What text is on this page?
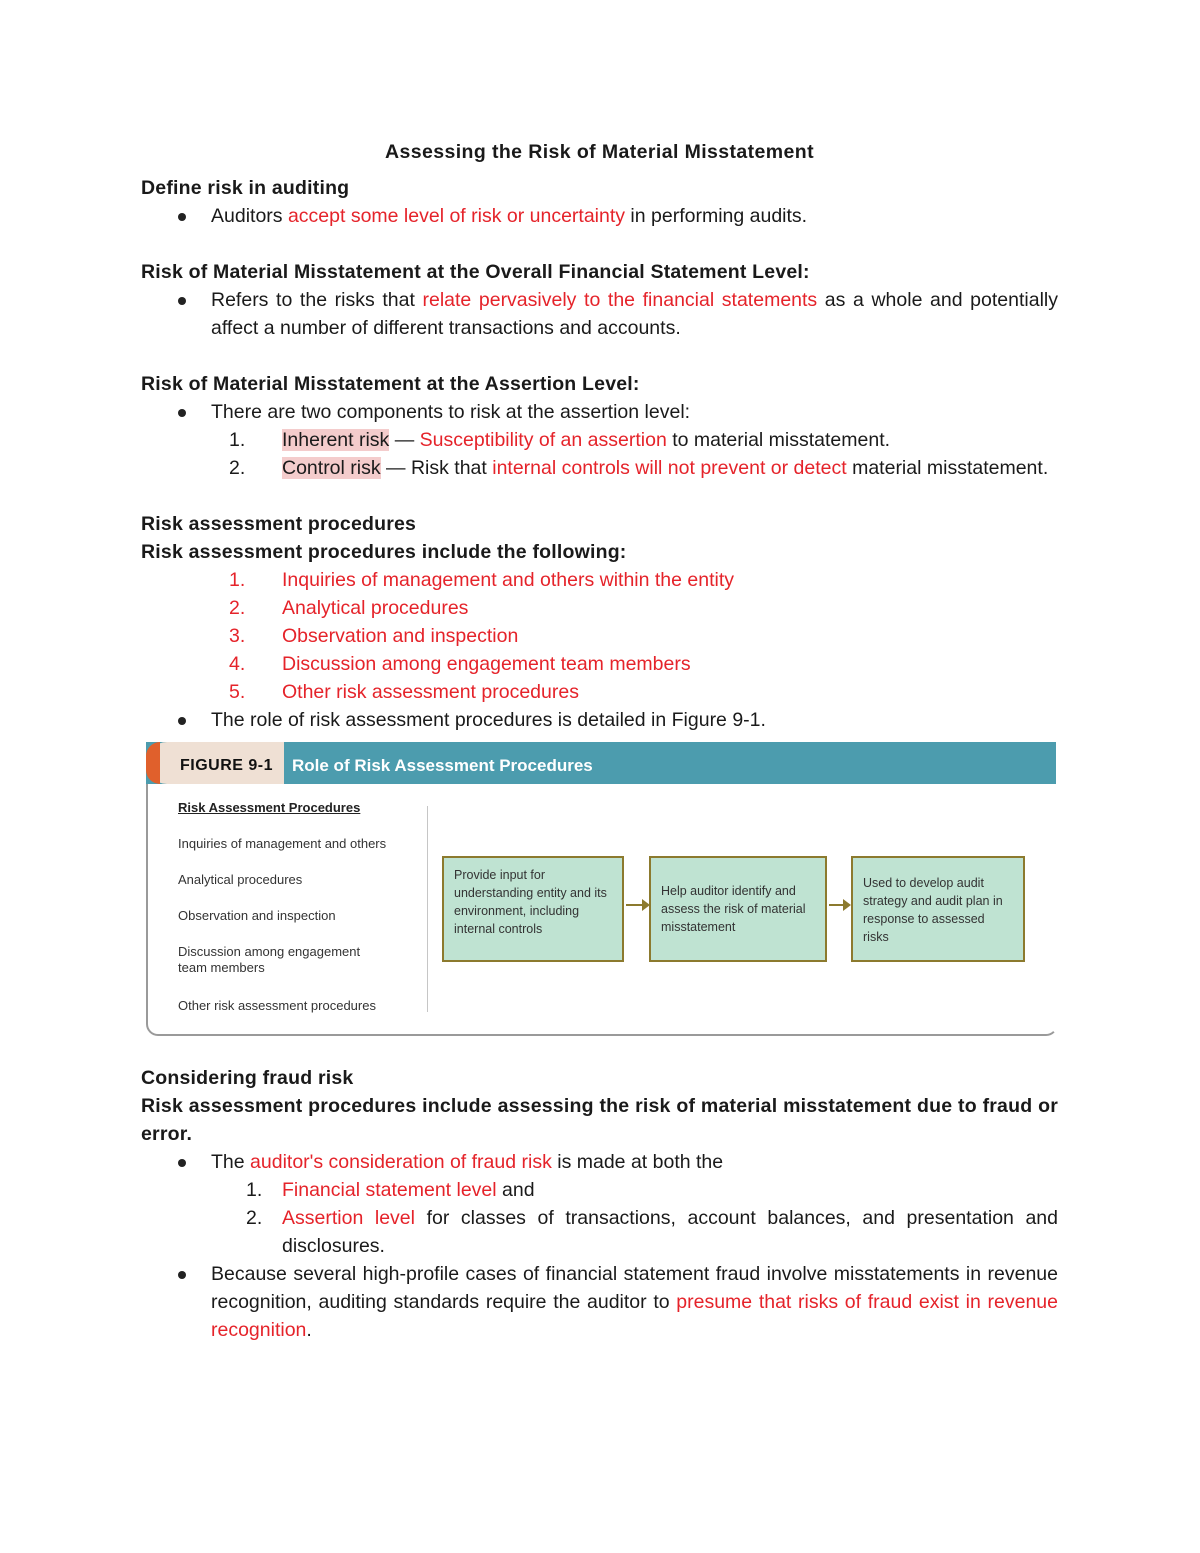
Assessing the Risk of Material Misstatement

Define risk in auditing

Auditors accept some level of risk or uncertainty in performing audits.

Risk of Material Misstatement at the Overall Financial Statement Level:

Refers to the risks that relate pervasively to the financial statements as a whole and potentially affect a number of different transactions and accounts.

Risk of Material Misstatement at the Assertion Level:

There are two components to risk at the assertion level:

1. Inherent risk — Susceptibility of an assertion to material misstatement.

2. Control risk — Risk that internal controls will not prevent or detect material misstatement.

Risk assessment procedures

Risk assessment procedures include the following:

1. Inquiries of management and others within the entity

2. Analytical procedures

3. Observation and inspection

4. Discussion among engagement team members

5. Other risk assessment procedures

The role of risk assessment procedures is detailed in Figure 9-1.

FIGURE 9-1 Role of Risk Assessment Procedures
Risk Assessment Procedures
Inquiries of management and others
Analytical procedures
Observation and inspection
Discussion among engagement team members
Other risk assessment procedures
Provide input for understanding entity and its environment, including internal controls
Help auditor identify and assess the risk of material misstatement
Used to develop audit strategy and audit plan in response to assessed risks

Considering fraud risk

Risk assessment procedures include assessing the risk of material misstatement due to fraud or error.

The auditor's consideration of fraud risk is made at both the

1. Financial statement level and

2. Assertion level for classes of transactions, account balances, and presentation and disclosures.

Because several high-profile cases of financial statement fraud involve misstatements in revenue recognition, auditing standards require the auditor to presume that risks of fraud exist in revenue recognition.
